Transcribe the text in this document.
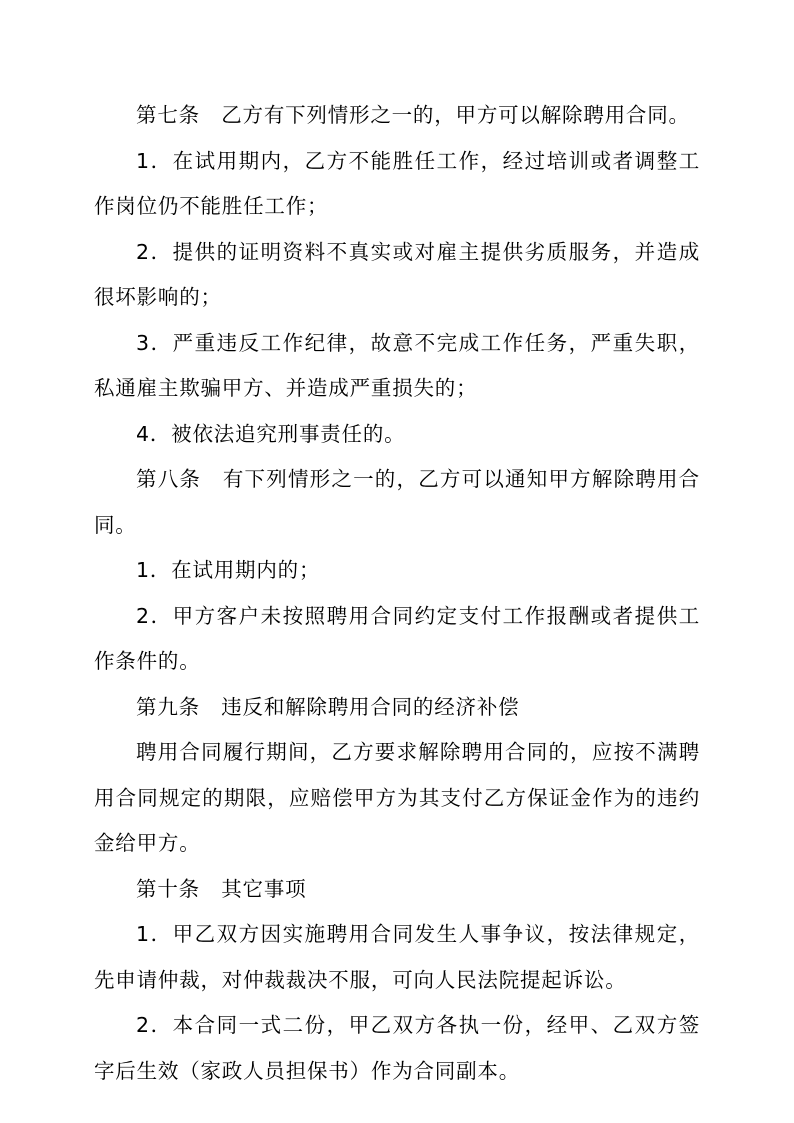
第七条　乙方有下列情形之一的，甲方可以解除聘用合同。

1．在试用期内，乙方不能胜任工作，经过培训或者调整工作岗位仍不能胜任工作；

2．提供的证明资料不真实或对雇主提供劣质服务，并造成很坏影响的；

3．严重违反工作纪律，故意不完成工作任务，严重失职，私通雇主欺骗甲方、并造成严重损失的；

4．被依法追究刑事责任的。

第八条　有下列情形之一的，乙方可以通知甲方解除聘用合同。

1．在试用期内的；

2．甲方客户未按照聘用合同约定支付工作报酬或者提供工作条件的。

第九条　违反和解除聘用合同的经济补偿

聘用合同履行期间，乙方要求解除聘用合同的，应按不满聘用合同规定的期限，应赔偿甲方为其支付乙方保证金作为的违约金给甲方。

第十条　其它事项

1．甲乙双方因实施聘用合同发生人事争议，按法律规定，先申请仲裁，对仲裁裁决不服，可向人民法院提起诉讼。

2．本合同一式二份，甲乙双方各执一份，经甲、乙双方签字后生效（家政人员担保书）作为合同副本。
